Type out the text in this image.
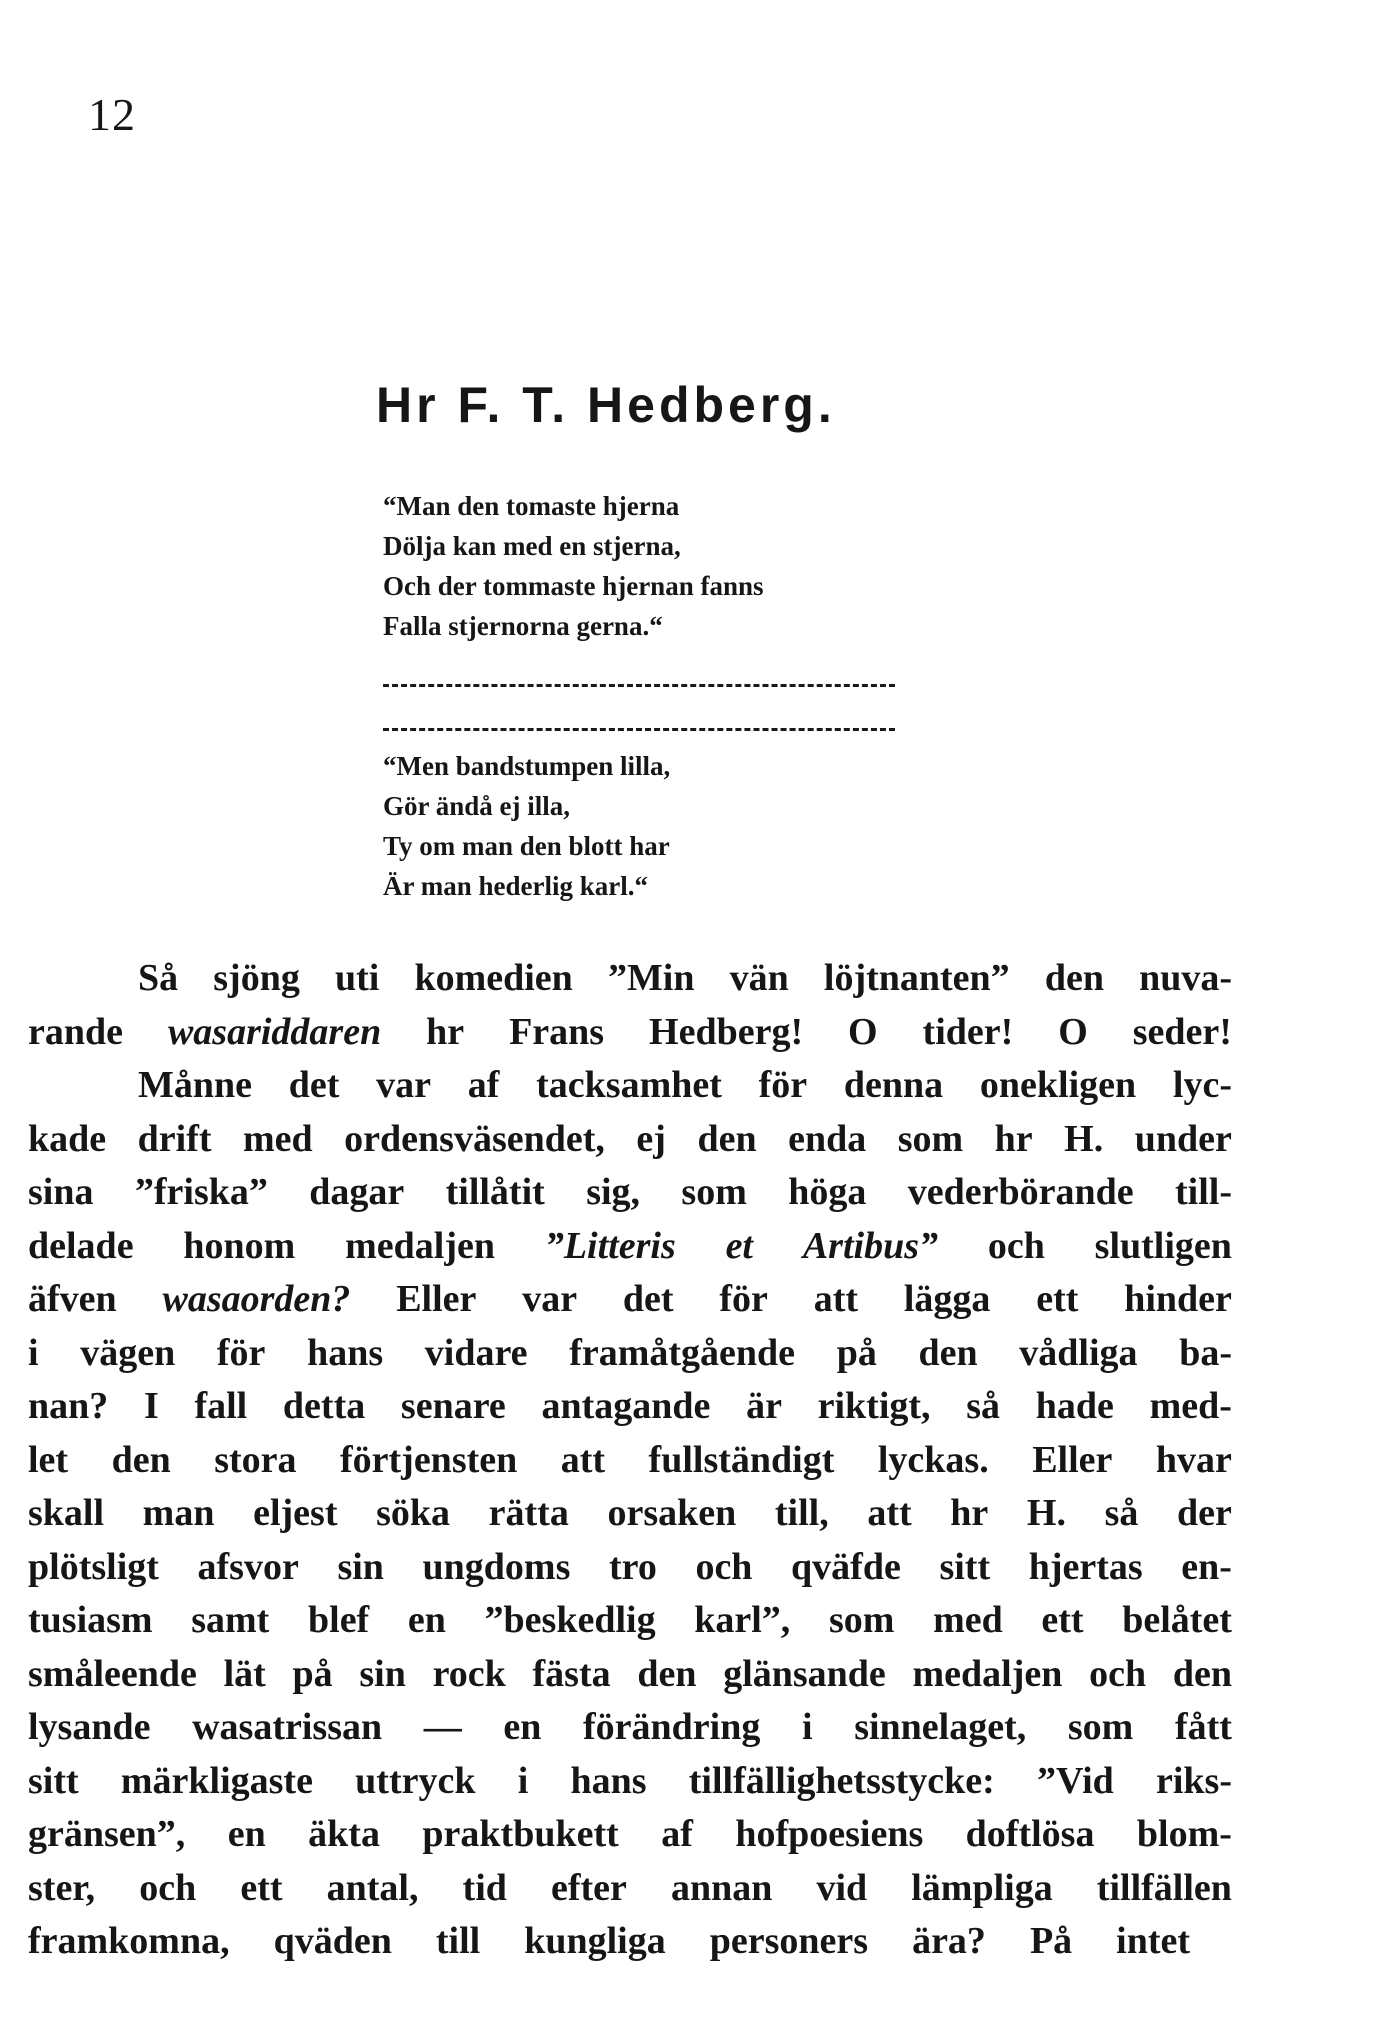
12
Hr F. T. Hedberg.
“Man den tomaste hjerna
Dölja kan med en stjerna,
Och der tommaste hjernan fanns
Falla stjernorna gerna.“
“Men bandstumpen lilla,
Gör ändå ej illa,
Ty om man den blott har
Är man hederlig karl.“
Så sjöng uti komedien ”Min vän löjtnanten” den nuva-
rande wasariddaren hr Frans Hedberg! O tider! O seder!
Månne det var af tacksamhet för denna onekligen lyc-
kade drift med ordensväsendet, ej den enda som hr H. under
sina ”friska” dagar tillåtit sig, som höga vederbörande till-
delade honom medaljen ”Litteris et Artibus” och slutligen
äfven wasaorden? Eller var det för att lägga ett hinder
i vägen för hans vidare framåtgående på den vådliga ba-
nan? I fall detta senare antagande är riktigt, så hade med-
let den stora förtjensten att fullständigt lyckas. Eller hvar
skall man eljest söka rätta orsaken till, att hr H. så der
plötsligt afsvor sin ungdoms tro och qväfde sitt hjertas en-
tusiasm samt blef en ”beskedlig karl”, som med ett belåtet
småleende lät på sin rock fästa den glänsande medaljen och den
lysande wasatrissan — en förändring i sinnelaget, som fått
sitt märkligaste uttryck i hans tillfällighetsstycke: ”Vid riks-
gränsen”, en äkta praktbukett af hofpoesiens doftlösa blom-
ster, och ett antal, tid efter annan vid lämpliga tillfällen
framkomna, qväden till kungliga personers ära? På intet
